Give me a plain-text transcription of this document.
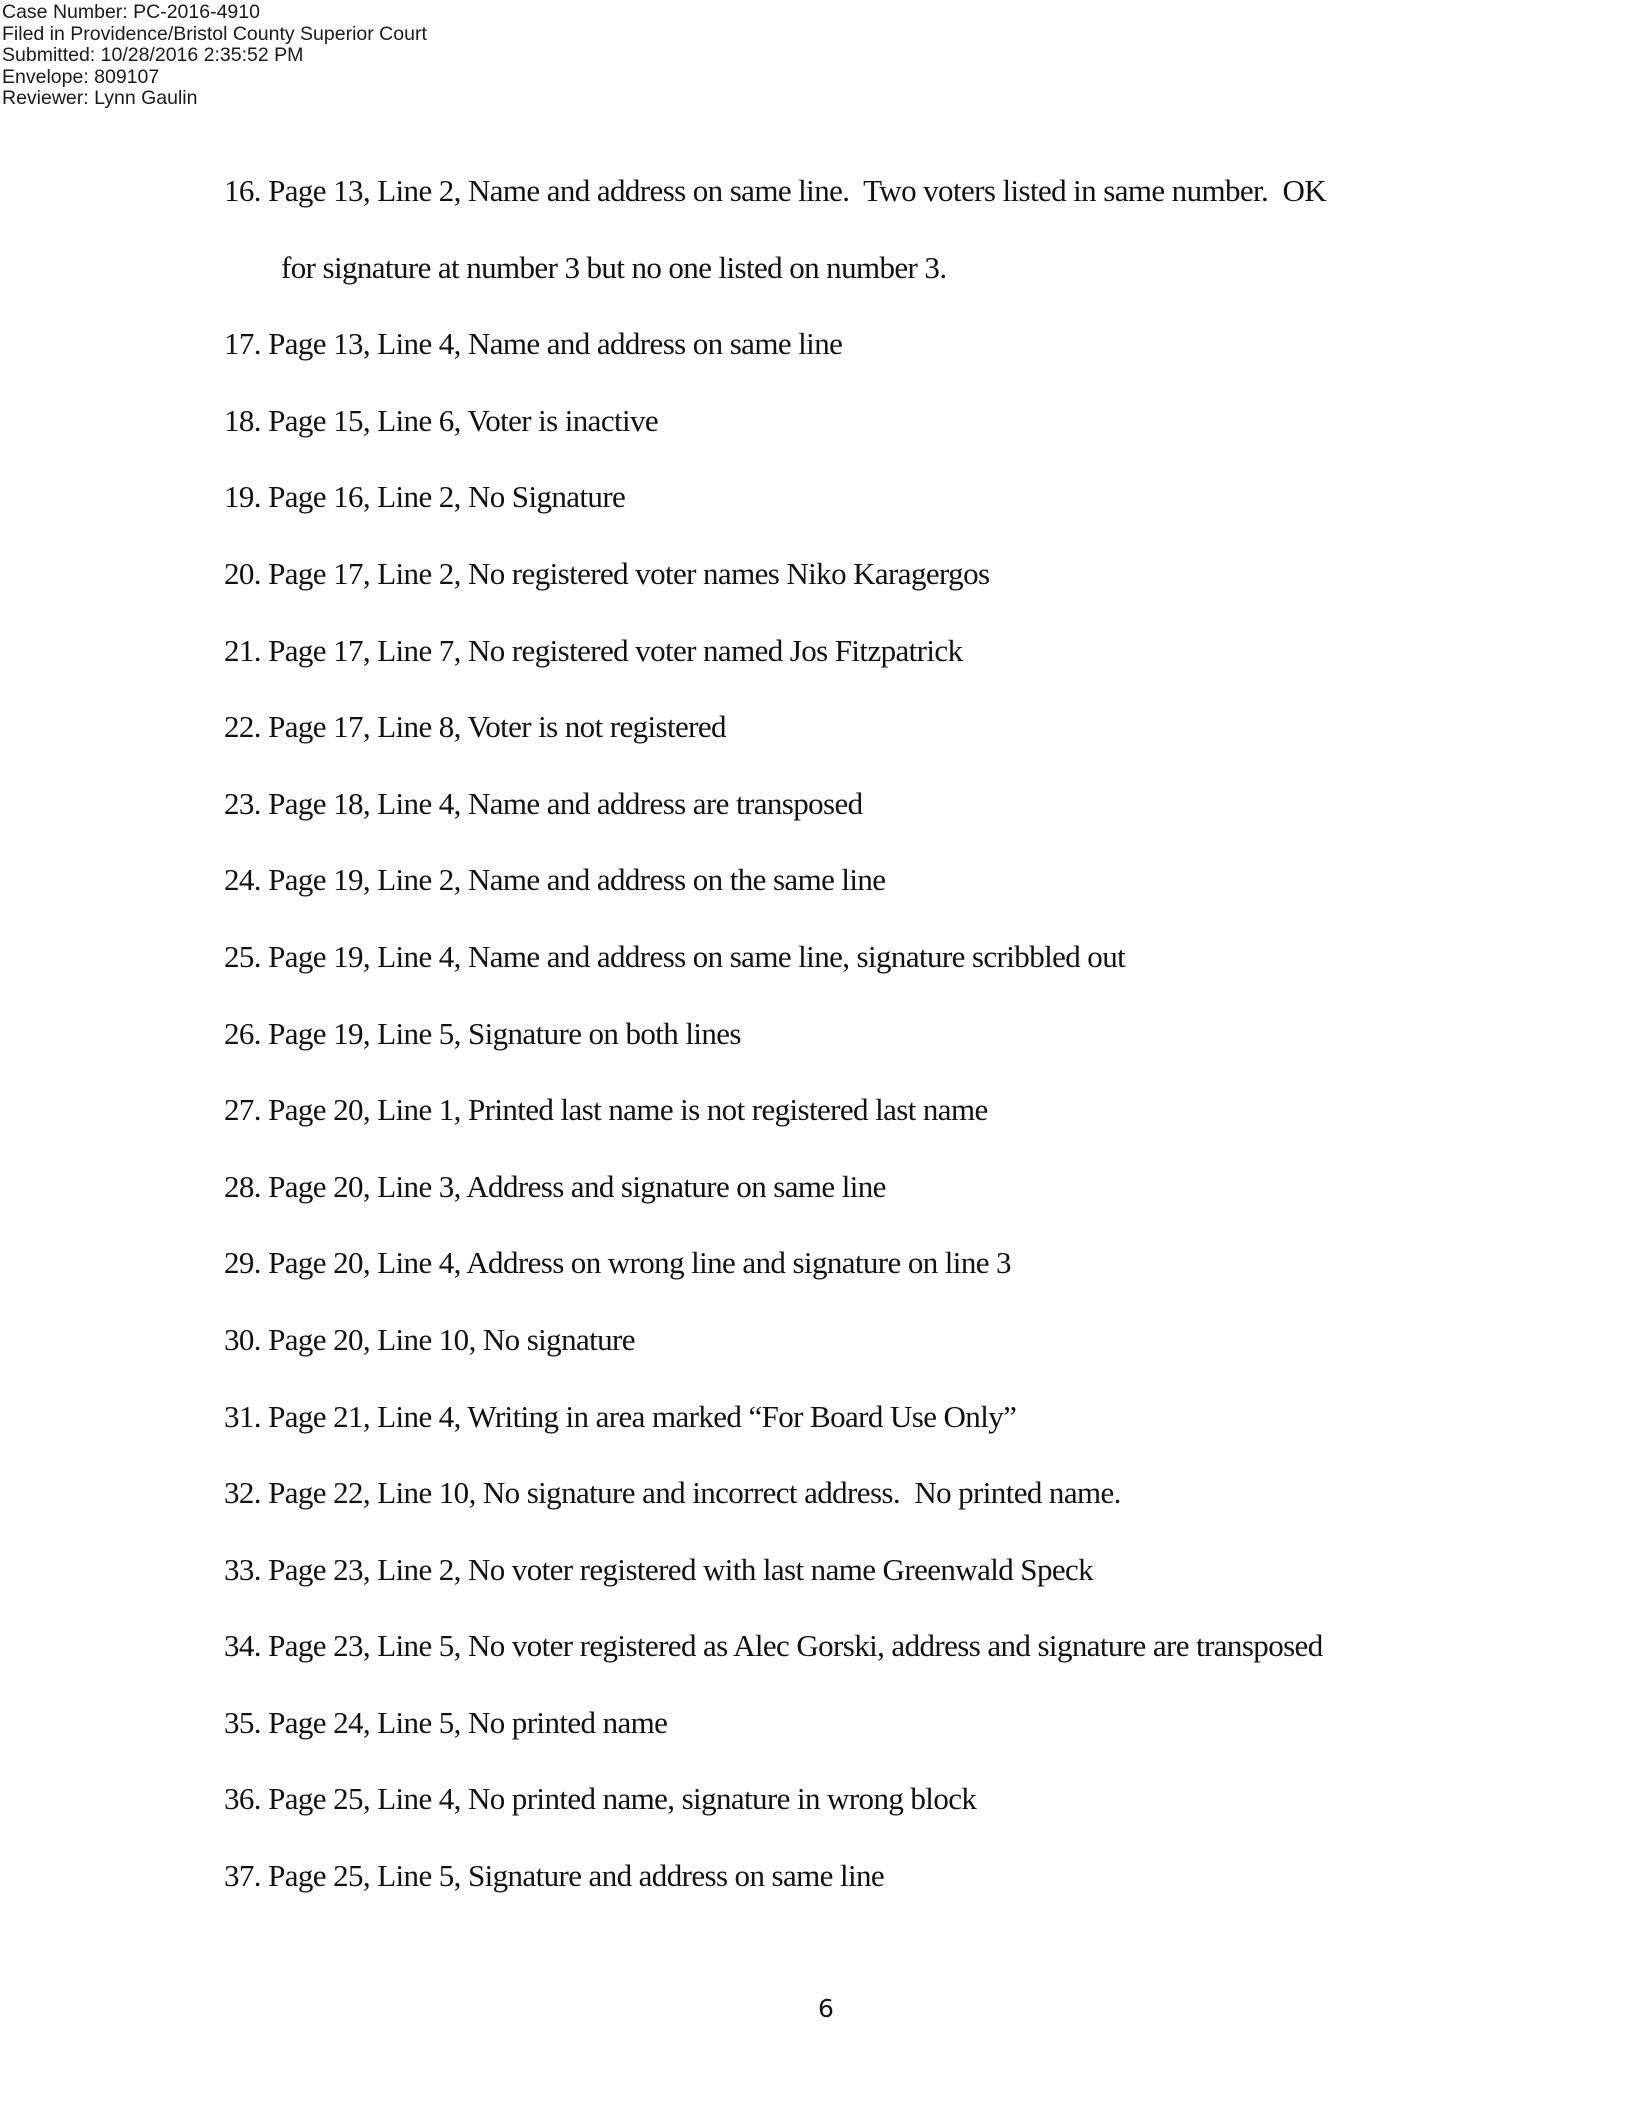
Case Number: PC-2016-4910
Filed in Providence/Bristol County Superior Court
Submitted: 10/28/2016 2:35:52 PM
Envelope: 809107
Reviewer: Lynn Gaulin
16. Page 13, Line 2, Name and address on same line.  Two voters listed in same number.  OK
for signature at number 3 but no one listed on number 3.
17. Page 13, Line 4, Name and address on same line
18. Page 15, Line 6, Voter is inactive
19. Page 16, Line 2, No Signature
20. Page 17, Line 2, No registered voter names Niko Karagergos
21. Page 17, Line 7, No registered voter named Jos Fitzpatrick
22. Page 17, Line 8, Voter is not registered
23. Page 18, Line 4, Name and address are transposed
24. Page 19, Line 2, Name and address on the same line
25. Page 19, Line 4, Name and address on same line, signature scribbled out
26. Page 19, Line 5, Signature on both lines
27. Page 20, Line 1, Printed last name is not registered last name
28. Page 20, Line 3, Address and signature on same line
29. Page 20, Line 4, Address on wrong line and signature on line 3
30. Page 20, Line 10, No signature
31. Page 21, Line 4, Writing in area marked “For Board Use Only”
32. Page 22, Line 10, No signature and incorrect address.  No printed name.
33. Page 23, Line 2, No voter registered with last name Greenwald Speck
34. Page 23, Line 5, No voter registered as Alec Gorski, address and signature are transposed
35. Page 24, Line 5, No printed name
36. Page 25, Line 4, No printed name, signature in wrong block
37. Page 25, Line 5, Signature and address on same line
6
